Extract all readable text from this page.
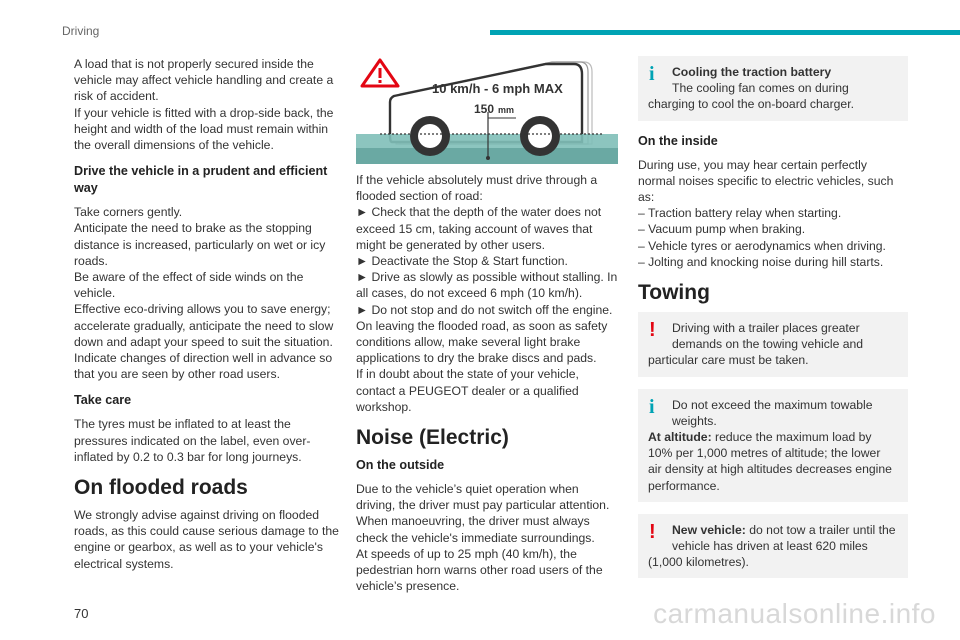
Driving

A load that is not properly secured inside the
vehicle may affect vehicle handling and create a
risk of accident.
If your vehicle is fitted with a drop-side back, the
height and width of the load must remain within
the overall dimensions of the vehicle.

Drive the vehicle in a prudent and efficient
way

Take corners gently.
Anticipate the need to brake as the stopping
distance is increased, particularly on wet or icy
roads.
Be aware of the effect of side winds on the
vehicle.
Effective eco-driving allows you to save energy;
accelerate gradually, anticipate the need to slow
down and adapt your speed to suit the situation.
Indicate changes of direction well in advance so
that you are seen by other road users.

Take care

The tyres must be inflated to at least the
pressures indicated on the label, even over-
inflated by 0.2 to 0.3 bar for long journeys.

On flooded roads

We strongly advise against driving on flooded
roads, as this could cause serious damage to the
engine or gearbox, as well as to your vehicle's
electrical systems.

10 km/h - 6 mph MAX
150 mm

If the vehicle absolutely must drive through a
flooded section of road:
► Check that the depth of the water does not
exceed 15 cm, taking account of waves that
might be generated by other users.
► Deactivate the Stop & Start function.
► Drive as slowly as possible without stalling. In
all cases, do not exceed 6 mph (10 km/h).
► Do not stop and do not switch off the engine.
On leaving the flooded road, as soon as safety
conditions allow, make several light brake
applications to dry the brake discs and pads.
If in doubt about the state of your vehicle,
contact a PEUGEOT dealer or a qualified
workshop.

Noise (Electric)
On the outside

Due to the vehicle’s quiet operation when
driving, the driver must pay particular attention.
When manoeuvring, the driver must always
check the vehicle's immediate surroundings.
At speeds of up to 25 mph (40 km/h), the
pedestrian horn warns other road users of the
vehicle’s presence.

i	Cooling the traction battery
The cooling fan comes on during
charging to cool the on-board charger.
On the inside

During use, you may hear certain perfectly
normal noises specific to electric vehicles, such
as:
– Traction battery relay when starting.
– Vacuum pump when braking.
– Vehicle tyres or aerodynamics when driving.
– Jolting and knocking noise during hill starts.

Towing
!	Driving with a trailer places greater
demands on the towing vehicle and
particular care must be taken.
i	Do not exceed the maximum towable
weights.
At altitude: reduce the maximum load by
10% per 1,000 metres of altitude; the lower
air density at high altitudes decreases engine
performance.
!	New vehicle: do not tow a trailer until the
vehicle has driven at least 620 miles
(1,000 kilometres).
70	carmanualsonline.info
